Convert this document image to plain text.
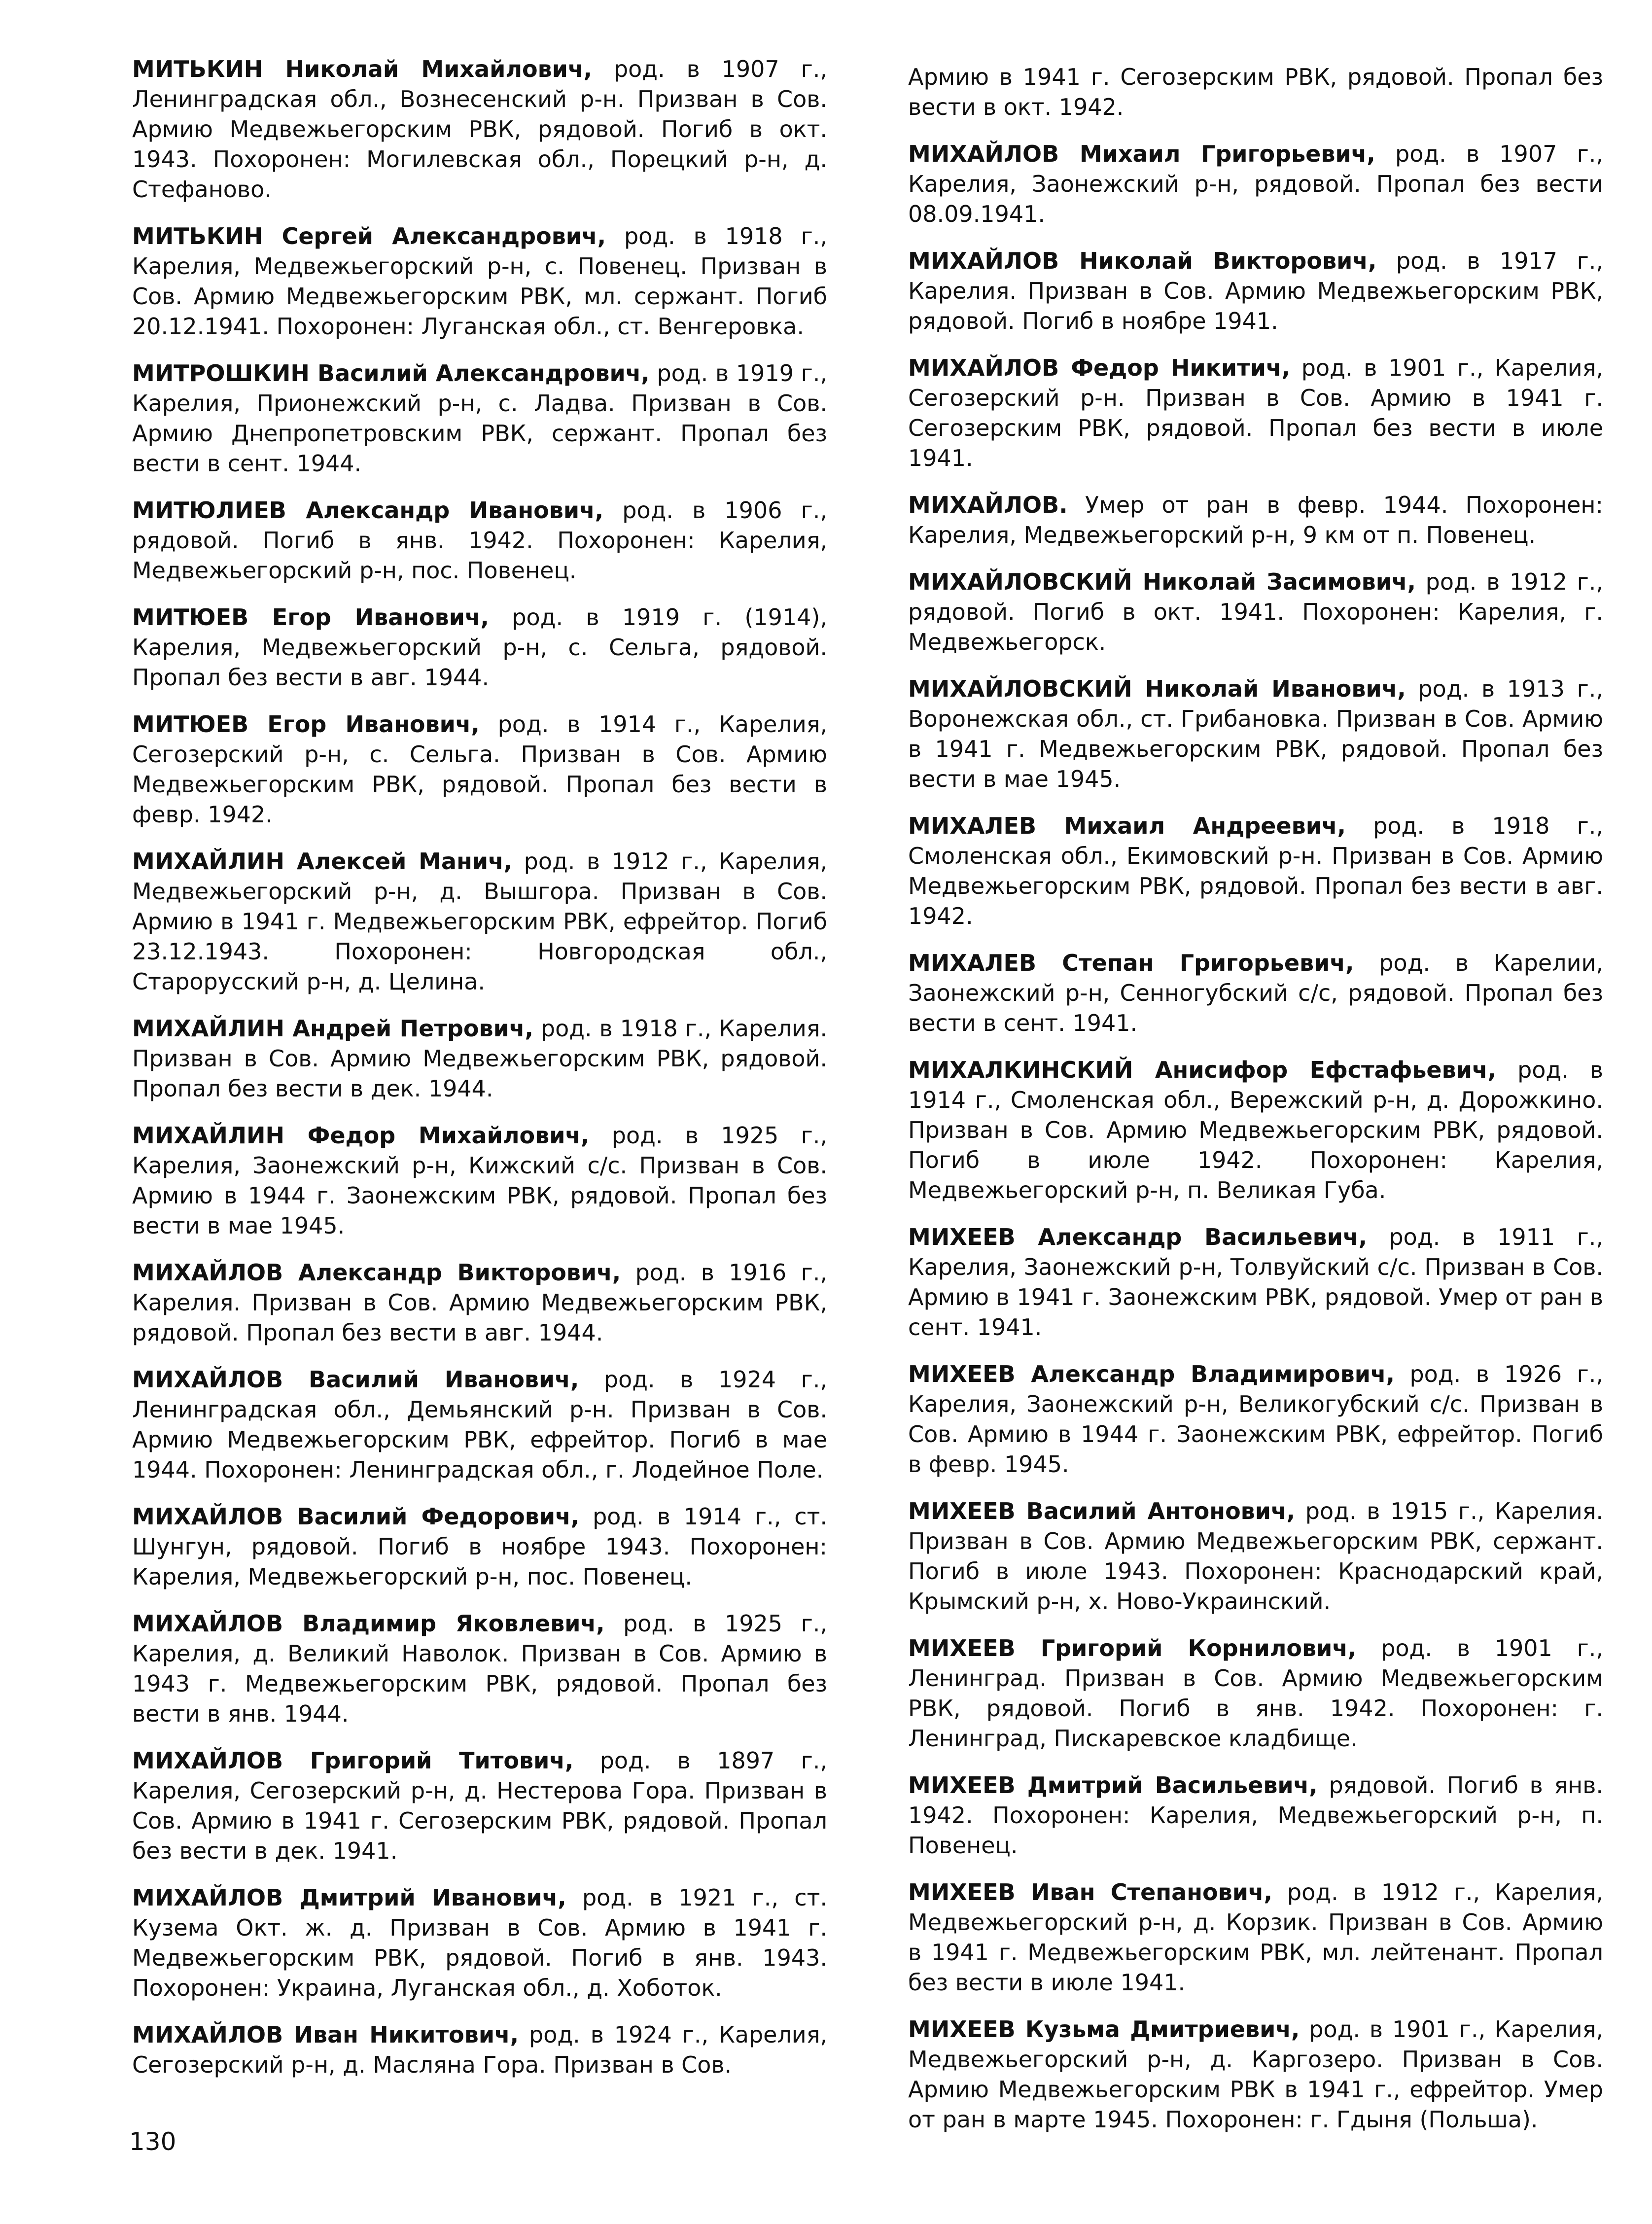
МИТЬКИН Николай Михайлович, род. в 1907 г., Ленинградская обл., Вознесенский р-н. Призван в Сов. Армию Медвежьегорским РВК, рядовой. Погиб в окт. 1943. Похоронен: Могилевская обл., Порецкий р-н, д. Стефаново.

МИТЬКИН Сергей Александрович, род. в 1918 г., Карелия, Медвежьегорский р-н, с. Повенец. Призван в Сов. Армию Медвежьегорским РВК, мл. сержант. Погиб 20.12.1941. Похоронен: Луганская обл., ст. Венгеровка.

МИТРОШКИН Василий Александрович, род. в 1919 г., Карелия, Прионежский р-н, с. Ладва. Призван в Сов. Армию Днепропетровским РВК, сержант. Пропал без вести в сент. 1944.

МИТЮЛИЕВ Александр Иванович, род. в 1906 г., рядовой. Погиб в янв. 1942. Похоронен: Карелия, Медвежьегорский р-н, пос. Повенец.

МИТЮЕВ Егор Иванович, род. в 1919 г. (1914), Карелия, Медвежьегорский р-н, с. Сельга, рядовой. Пропал без вести в авг. 1944.

МИТЮЕВ Егор Иванович, род. в 1914 г., Карелия, Сегозерский р-н, с. Сельга. Призван в Сов. Армию Медвежьегорским РВК, рядовой. Пропал без вести в февр. 1942.

МИХАЙЛИН Алексей Манич, род. в 1912 г., Карелия, Медвежьегорский р-н, д. Вышгора. Призван в Сов. Армию в 1941 г. Медвежьегорским РВК, ефрейтор. Погиб 23.12.1943. Похоронен: Новгородская обл., Старорусский р-н, д. Целина.

МИХАЙЛИН Андрей Петрович, род. в 1918 г., Карелия. Призван в Сов. Армию Медвежьегорским РВК, рядовой. Пропал без вести в дек. 1944.

МИХАЙЛИН Федор Михайлович, род. в 1925 г., Карелия, Заонежский р-н, Кижский с/с. Призван в Сов. Армию в 1944 г. Заонежским РВК, рядовой. Пропал без вести в мае 1945.

МИХАЙЛОВ Александр Викторович, род. в 1916 г., Карелия. Призван в Сов. Армию Медвежьегорским РВК, рядовой. Пропал без вести в авг. 1944.

МИХАЙЛОВ Василий Иванович, род. в 1924 г., Ленинградская обл., Демьянский р-н. Призван в Сов. Армию Медвежьегорским РВК, ефрейтор. Погиб в мае 1944. Похоронен: Ленинградская обл., г. Лодейное Поле.

МИХАЙЛОВ Василий Федорович, род. в 1914 г., ст. Шунгун, рядовой. Погиб в ноябре 1943. Похоронен: Карелия, Медвежьегорский р-н, пос. Повенец.

МИХАЙЛОВ Владимир Яковлевич, род. в 1925 г., Карелия, д. Великий Наволок. Призван в Сов. Армию в 1943 г. Медвежьегорским РВК, рядовой. Пропал без вести в янв. 1944.

МИХАЙЛОВ Григорий Титович, род. в 1897 г., Карелия, Сегозерский р-н, д. Нестерова Гора. Призван в Сов. Армию в 1941 г. Сегозерским РВК, рядовой. Пропал без вести в дек. 1941.

МИХАЙЛОВ Дмитрий Иванович, род. в 1921 г., ст. Кузема Окт. ж. д. Призван в Сов. Армию в 1941 г. Медвежьегорским РВК, рядовой. Погиб в янв. 1943. Похоронен: Украина, Луганская обл., д. Хоботок.

МИХАЙЛОВ Иван Никитович, род. в 1924 г., Карелия, Сегозерский р-н, д. Масляна Гора. Призван в Сов.

Армию в 1941 г. Сегозерским РВК, рядовой. Пропал без вести в окт. 1942.

МИХАЙЛОВ Михаил Григорьевич, род. в 1907 г., Карелия, Заонежский р-н, рядовой. Пропал без вести 08.09.1941.

МИХАЙЛОВ Николай Викторович, род. в 1917 г., Карелия. Призван в Сов. Армию Медвежьегорским РВК, рядовой. Погиб в ноябре 1941.

МИХАЙЛОВ Федор Никитич, род. в 1901 г., Карелия, Сегозерский р-н. Призван в Сов. Армию в 1941 г. Сегозерским РВК, рядовой. Пропал без вести в июле 1941.

МИХАЙЛОВ. Умер от ран в февр. 1944. Похоронен: Карелия, Медвежьегорский р-н, 9 км от п. Повенец.

МИХАЙЛОВСКИЙ Николай Засимович, род. в 1912 г., рядовой. Погиб в окт. 1941. Похоронен: Карелия, г. Медвежьегорск.

МИХАЙЛОВСКИЙ Николай Иванович, род. в 1913 г., Воронежская обл., ст. Грибановка. Призван в Сов. Армию в 1941 г. Медвежьегорским РВК, рядовой. Пропал без вести в мае 1945.

МИХАЛЕВ Михаил Андреевич, род. в 1918 г., Смоленская обл., Екимовский р-н. Призван в Сов. Армию Медвежьегорским РВК, рядовой. Пропал без вести в авг. 1942.

МИХАЛЕВ Степан Григорьевич, род. в Карелии, Заонежский р-н, Сенногубский с/с, рядовой. Пропал без вести в сент. 1941.

МИХАЛКИНСКИЙ Анисифор Ефстафьевич, род. в 1914 г., Смоленская обл., Вережский р-н, д. Дорожкино. Призван в Сов. Армию Медвежьегорским РВК, рядовой. Погиб в июле 1942. Похоронен: Карелия, Медвежьегорский р-н, п. Великая Губа.

МИХЕЕВ Александр Васильевич, род. в 1911 г., Карелия, Заонежский р-н, Толвуйский с/с. Призван в Сов. Армию в 1941 г. Заонежским РВК, рядовой. Умер от ран в сент. 1941.

МИХЕЕВ Александр Владимирович, род. в 1926 г., Карелия, Заонежский р-н, Великогубский с/с. Призван в Сов. Армию в 1944 г. Заонежским РВК, ефрейтор. Погиб в февр. 1945.

МИХЕЕВ Василий Антонович, род. в 1915 г., Карелия. Призван в Сов. Армию Медвежьегорским РВК, сержант. Погиб в июле 1943. Похоронен: Краснодарский край, Крымский р-н, х. Ново-Украинский.

МИХЕЕВ Григорий Корнилович, род. в 1901 г., Ленинград. Призван в Сов. Армию Медвежьегорским РВК, рядовой. Погиб в янв. 1942. Похоронен: г. Ленинград, Пискаревское кладбище.

МИХЕЕВ Дмитрий Васильевич, рядовой. Погиб в янв. 1942. Похоронен: Карелия, Медвежьегорский р-н, п. Повенец.

МИХЕЕВ Иван Степанович, род. в 1912 г., Карелия, Медвежьегорский р-н, д. Корзик. Призван в Сов. Армию в 1941 г. Медвежьегорским РВК, мл. лейтенант. Пропал без вести в июле 1941.

МИХЕЕВ Кузьма Дмитриевич, род. в 1901 г., Карелия, Медвежьегорский р-н, д. Каргозеро. Призван в Сов. Армию Медвежьегорским РВК в 1941 г., ефрейтор. Умер от ран в марте 1945. Похоронен: г. Гдыня (Польша).

130
